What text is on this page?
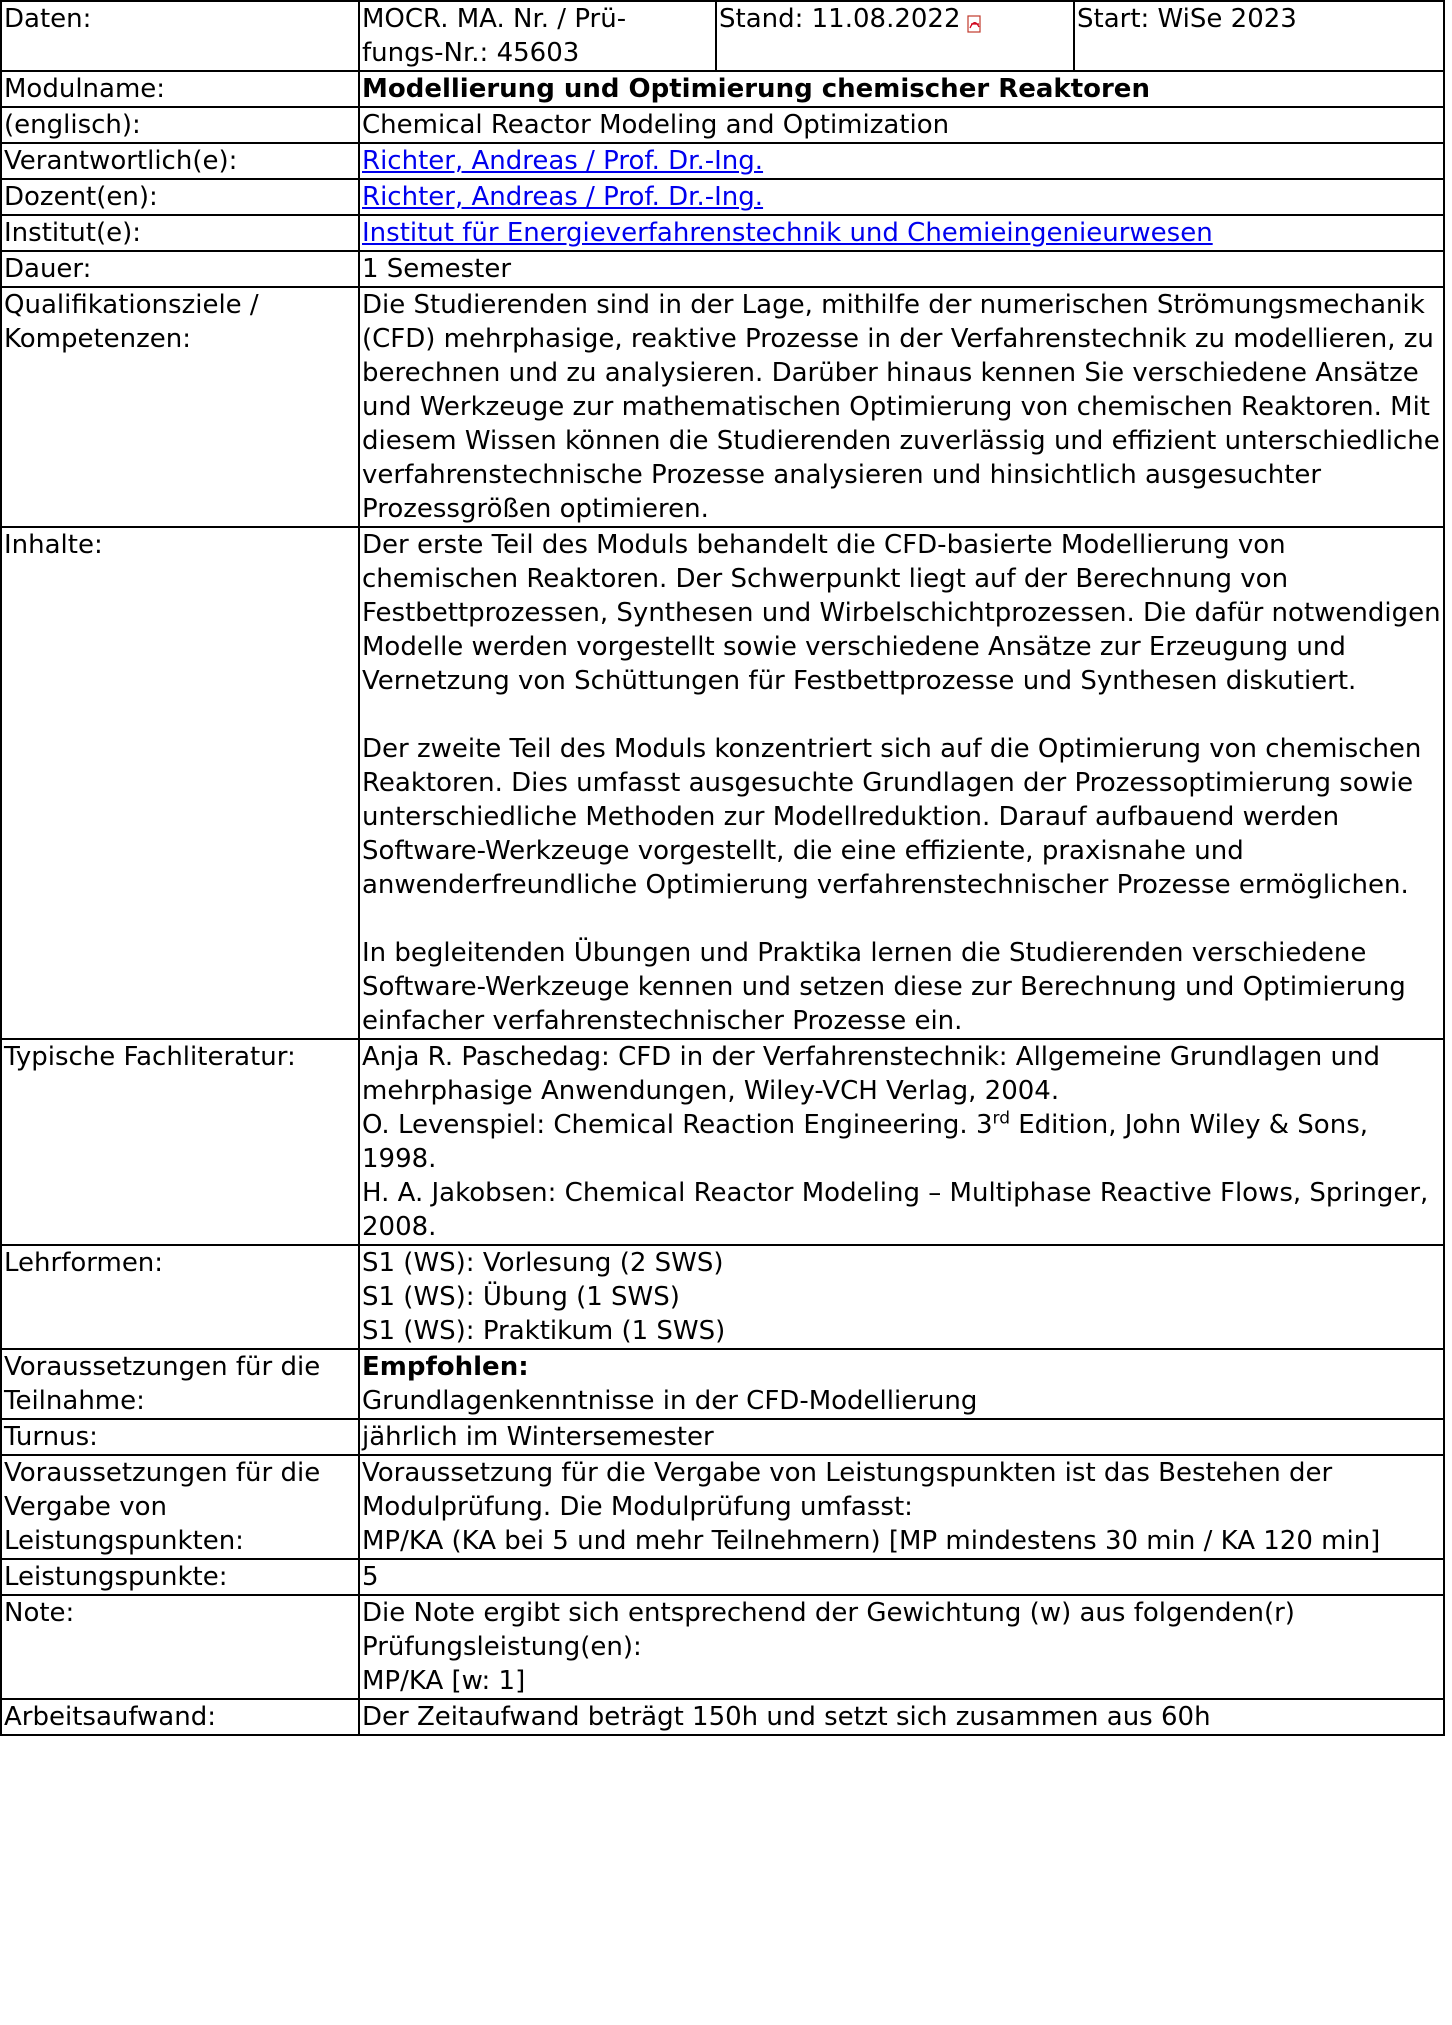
Daten:	MOCR. MA. Nr. / Prü-
fungs-Nr.: 45603	Stand: 11.08.2022	Start: WiSe 2023
Modulname:	Modellierung und Optimierung chemischer Reaktoren		
(englisch):	Chemical Reactor Modeling and Optimization		
Verantwortlich(e):	Richter, Andreas / Prof. Dr.-Ing.		
Dozent(en):	Richter, Andreas / Prof. Dr.-Ing.		
Institut(e):	Institut für Energieverfahrenstechnik und Chemieingenieurwesen		
Dauer:	1 Semester		
Qualifikationsziele / Kompetenzen:	Die Studierenden sind in der Lage, mithilfe der numerischen Strömungsmechanik (CFD) mehrphasige, reaktive Prozesse in der Verfahrenstechnik zu modellieren, zu berechnen und zu analysieren. Darüber hinaus kennen Sie verschiedene Ansätze und Werkzeuge zur mathematischen Optimierung von chemischen Reaktoren. Mit diesem Wissen können die Studierenden zuverlässig und effizient unterschiedliche verfahrenstechnische Prozesse analysieren und hinsichtlich ausgesuchter Prozessgrößen optimieren.		
Inhalte:	Der erste Teil des Moduls behandelt die CFD-basierte Modellierung von chemischen Reaktoren. Der Schwerpunkt liegt auf der Berechnung von Festbettprozessen, Synthesen und Wirbelschichtprozessen. Die dafür notwendigen Modelle werden vorgestellt sowie verschiedene Ansätze zur Erzeugung und Vernetzung von Schüttungen für Festbettprozesse und Synthesen diskutiert.

Der zweite Teil des Moduls konzentriert sich auf die Optimierung von chemischen Reaktoren. Dies umfasst ausgesuchte Grundlagen der Prozessoptimierung sowie unterschiedliche Methoden zur Modellreduktion. Darauf aufbauend werden Software-Werkzeuge vorgestellt, die eine effiziente, praxisnahe und anwenderfreundliche Optimierung verfahrenstechnischer Prozesse ermöglichen.

In begleitenden Übungen und Praktika lernen die Studierenden verschiedene Software-Werkzeuge kennen und setzen diese zur Berechnung und Optimierung einfacher verfahrenstechnischer Prozesse ein.		

Typische Fachliteratur:	Anja R. Paschedag: CFD in der Verfahrenstechnik: Allgemeine Grundlagen und mehrphasige Anwendungen, Wiley-VCH Verlag, 2004.
O. Levenspiel: Chemical Reaction Engineering. 3rd Edition, John Wiley & Sons, 1998.
H. A. Jakobsen: Chemical Reactor Modeling – Multiphase Reactive Flows, Springer, 2008.		

Lehrformen:	S1 (WS): Vorlesung (2 SWS)
S1 (WS): Übung (1 SWS)
S1 (WS): Praktikum (1 SWS)		

Voraussetzungen für die Teilnahme:	Empfohlen:
Grundlagenkenntnisse in der CFD-Modellierung		

Turnus:	jährlich im Wintersemester		
Voraussetzungen für die Vergabe von Leistungspunkten:	Voraussetzung für die Vergabe von Leistungspunkten ist das Bestehen der Modulprüfung. Die Modulprüfung umfasst:
MP/KA (KA bei 5 und mehr Teilnehmern) [MP mindestens 30 min / KA 120 min]		

Leistungspunkte:	5		
Note:	Die Note ergibt sich entsprechend der Gewichtung (w) aus folgenden(r) Prüfungsleistung(en):
MP/KA [w: 1]		

Arbeitsaufwand:	Der Zeitaufwand beträgt 150h und setzt sich zusammen aus 60h		
